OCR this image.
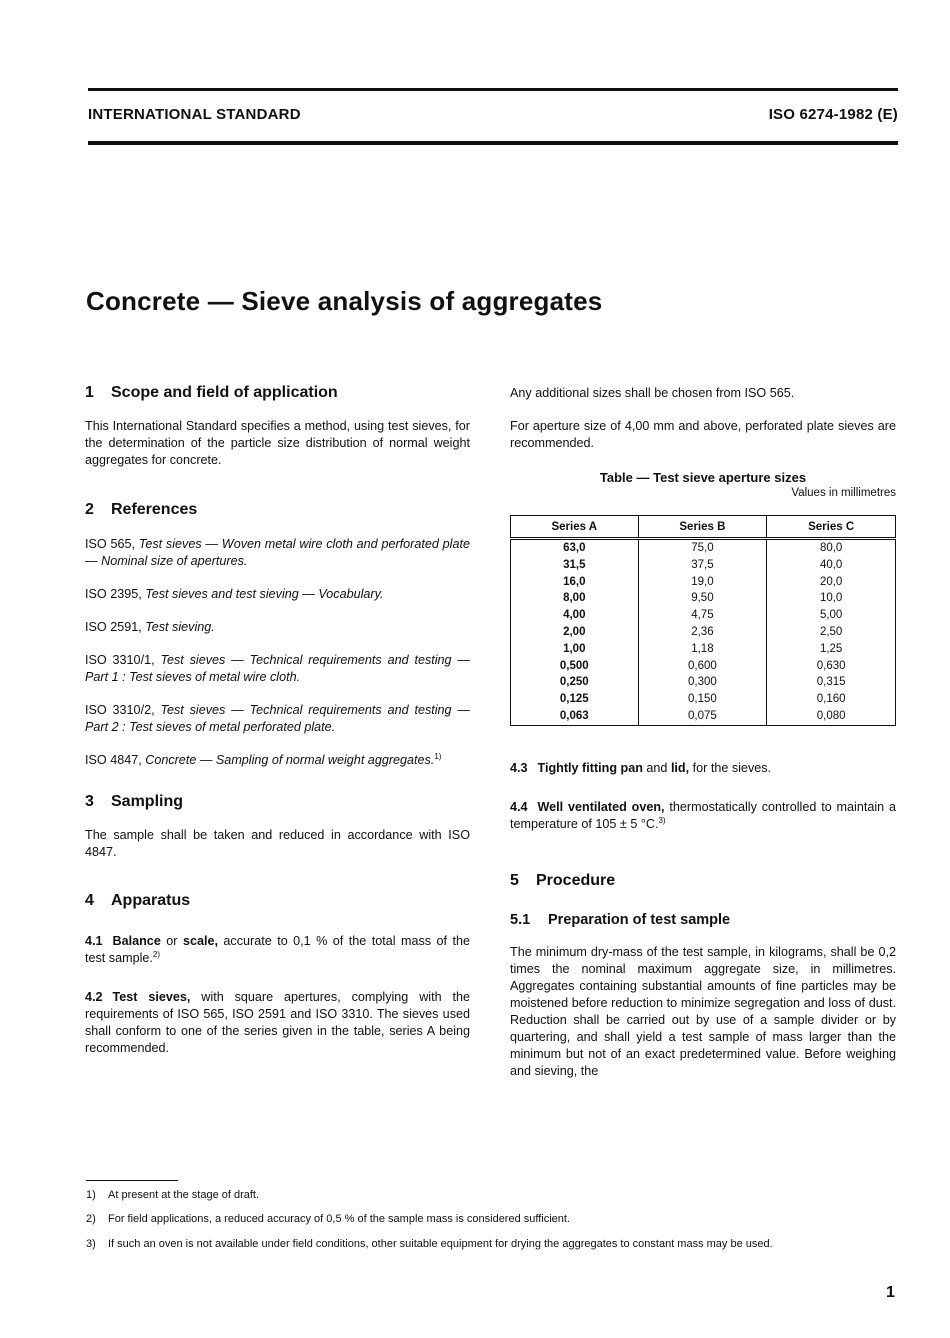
INTERNATIONAL STANDARD	ISO 6274-1982 (E)
Concrete — Sieve analysis of aggregates
1 Scope and field of application

This International Standard specifies a method, using test sieves, for the determination of the particle size distribution of normal weight aggregates for concrete.

2 References

ISO 565, Test sieves — Woven metal wire cloth and perforated plate — Nominal size of apertures.

ISO 2395, Test sieves and test sieving — Vocabulary.

ISO 2591, Test sieving.

ISO 3310/1, Test sieves — Technical requirements and testing — Part 1 : Test sieves of metal wire cloth.

ISO 3310/2, Test sieves — Technical requirements and testing — Part 2 : Test sieves of metal perforated plate.

ISO 4847, Concrete — Sampling of normal weight aggregates.$^{1)}$

3 Sampling

The sample shall be taken and reduced in accordance with ISO 4847.

4 Apparatus

4.1 Balance or scale, accurate to 0,1 % of the total mass of the test sample.$^{2)}$

4.2 Test sieves, with square apertures, complying with the requirements of ISO 565, ISO 2591 and ISO 3310. The sieves used shall conform to one of the series given in the table, series A being recommended.

Any additional sizes shall be chosen from ISO 565.

For aperture size of 4,00 mm and above, perforated plate sieves are recommended.

Table — Test sieve aperture sizes
Values in millimetres
Series A	Series B	Series C
63,0	75,0	80,0
31,5	37,5	40,0
16,0	19,0	20,0
8,00	9,50	10,0
4,00	4,75	5,00
2,00	2,36	2,50
1,00	1,18	1,25
0,500	0,600	0,630
0,250	0,300	0,315
0,125	0,150	0,160
0,063	0,075	0,080

4.3 Tightly fitting pan and lid, for the sieves.

4.4 Well ventilated oven, thermostatically controlled to maintain a temperature of 105 ± 5 °C.$^{3)}$

5 Procedure
5.1 Preparation of test sample

The minimum dry-mass of the test sample, in kilograms, shall be 0,2 times the nominal maximum aggregate size, in millimetres. Aggregates containing substantial amounts of fine particles may be moistened before reduction to minimize segregation and loss of dust. Reduction shall be carried out by use of a sample divider or by quartering, and shall yield a test sample of mass larger than the minimum but not of an exact predetermined value. Before weighing and sieving, the

1) At present at the stage of draft.
2) For field applications, a reduced accuracy of 0,5 % of the sample mass is considered sufficient.
3) If such an oven is not available under field conditions, other suitable equipment for drying the aggregates to constant mass may be used.
1
